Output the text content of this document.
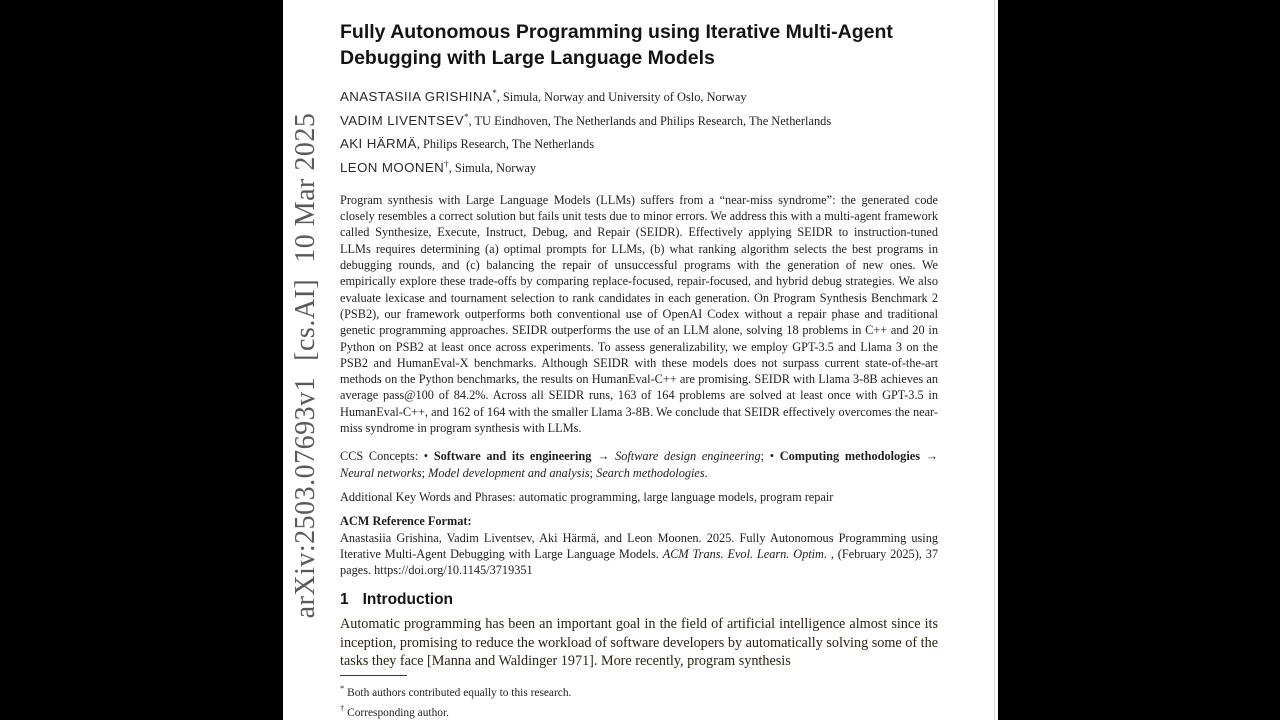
arXiv:2503.07693v1
[cs.AI]
10 Mar 2025
Fully Autonomous Programming using Iterative Multi-Agent Debugging with Large Language Models
ANASTASIIA GRISHINA*, Simula, Norway and University of Oslo, Norway
VADIM LIVENTSEV*, TU Eindhoven, The Netherlands and Philips Research, The Netherlands
AKI HÄRMÄ, Philips Research, The Netherlands
LEON MOONEN†, Simula, Norway
Program synthesis with Large Language Models (LLMs) suffers from a “near-miss syndrome”: the generated code closely resembles a correct solution but fails unit tests due to minor errors. We address this with a multi-agent framework called Synthesize, Execute, Instruct, Debug, and Repair (SEIDR). Effectively applying SEIDR to instruction-tuned LLMs requires determining (a) optimal prompts for LLMs, (b) what ranking algorithm selects the best programs in debugging rounds, and (c) balancing the repair of unsuccessful programs with the generation of new ones. We empirically explore these trade-offs by comparing replace-focused, repair-focused, and hybrid debug strategies. We also evaluate lexicase and tournament selection to rank candidates in each generation. On Program Synthesis Benchmark 2 (PSB2), our framework outperforms both conventional use of OpenAI Codex without a repair phase and traditional genetic programming approaches. SEIDR outperforms the use of an LLM alone, solving 18 problems in C++ and 20 in Python on PSB2 at least once across experiments. To assess generalizability, we employ GPT-3.5 and Llama 3 on the PSB2 and HumanEval-X benchmarks. Although SEIDR with these models does not surpass current state-of-the-art methods on the Python benchmarks, the results on HumanEval-C++ are promising. SEIDR with Llama 3-8B achieves an average pass@100 of 84.2%. Across all SEIDR runs, 163 of 164 problems are solved at least once with GPT-3.5 in HumanEval-C++, and 162 of 164 with the smaller Llama 3-8B. We conclude that SEIDR effectively overcomes the near-miss syndrome in program synthesis with LLMs.
CCS Concepts: • Software and its engineering → Software design engineering; • Computing methodologies → Neural networks; Model development and analysis; Search methodologies.
Additional Key Words and Phrases: automatic programming, large language models, program repair
ACM Reference Format:
Anastasiia Grishina, Vadim Liventsev, Aki Härmä, and Leon Moonen. 2025. Fully Autonomous Programming using Iterative Multi-Agent Debugging with Large Language Models. ACM Trans. Evol. Learn. Optim. , (February 2025), 37 pages. https://doi.org/10.1145/3719351
1 Introduction
Automatic programming has been an important goal in the field of artificial intelligence almost since its inception, promising to reduce the workload of software developers by automatically solving some of the tasks they face [Manna and Waldinger 1971]. More recently, program synthesis
* Both authors contributed equally to this research.
† Corresponding author.
